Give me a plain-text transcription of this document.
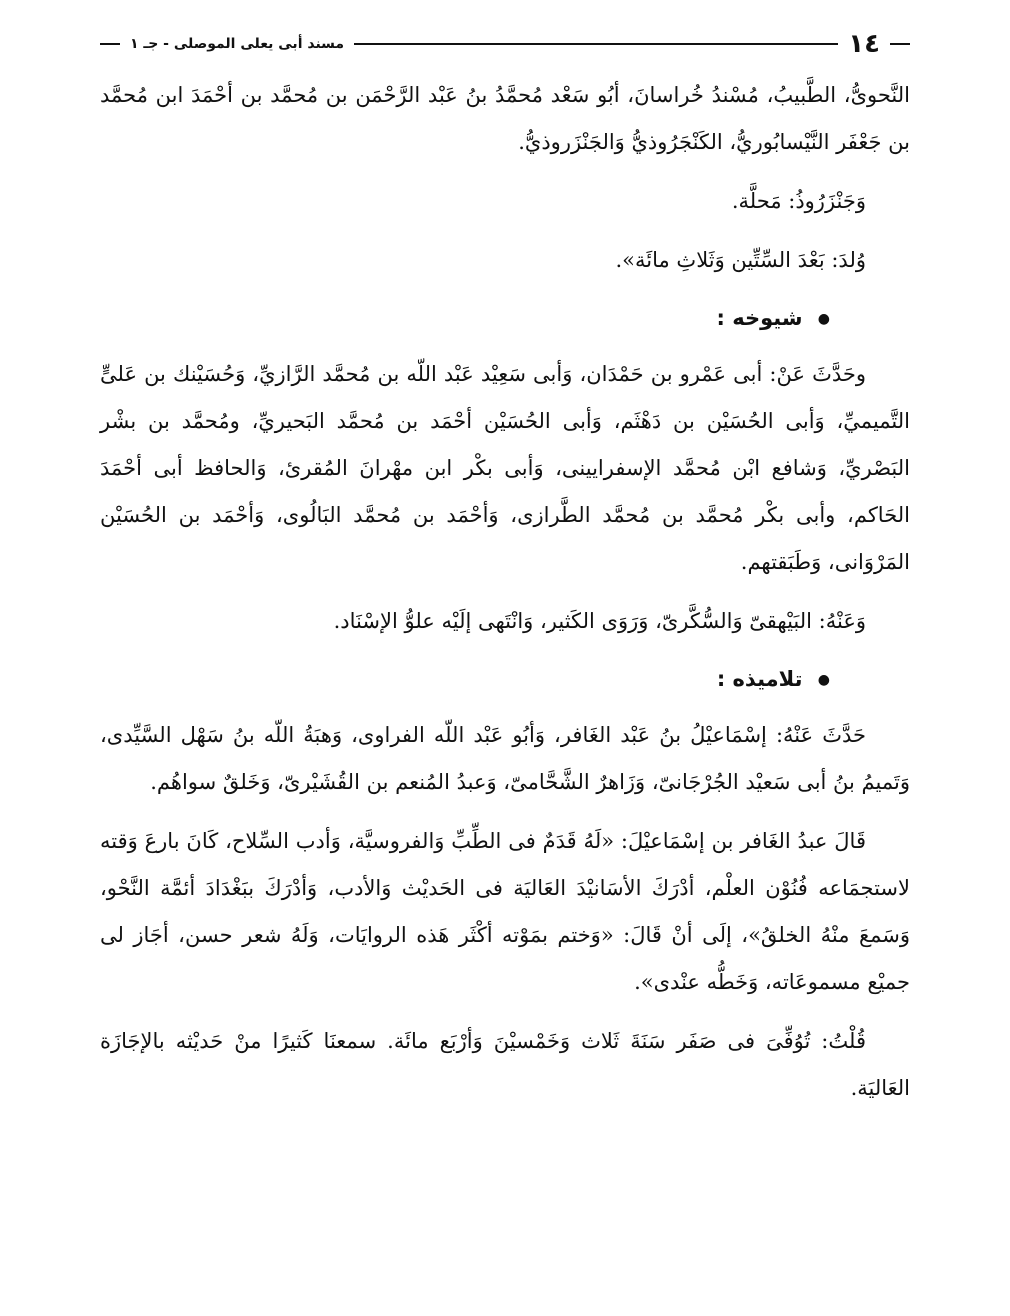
١٤
مسند أبى يعلى الموصلى - جـ ١

النَّحوىُّ، الطَّبيبُ، مُسْندُ خُراسانَ، أبُو سَعْد مُحمَّدُ بنُ عَبْد الرَّحْمَن بن مُحمَّد بن أحْمَدَ ابن مُحمَّد بن جَعْفَر النَّيْسابُوريُّ، الكَنْجَرُوذيُّ وَالجَنْزَروذيُّ.

وَجَنْزَرُوذُ: مَحلَّة.

وُلدَ: بَعْدَ السِّتِّين وَثَلاثِ مائَة».

● شيوخه :

وحَدَّثَ عَنْ: أبى عَمْرو بن حَمْدَان، وَأبى سَعِيْد عَبْد اللّه بن مُحمَّد الرَّازيِّ، وَحُسَيْنك بن عَلىٍّ التَّميميِّ، وَأبى الحُسَيْن بن دَهْثَم، وَأبى الحُسَيْن أحْمَد بن مُحمَّد البَحيريِّ، ومُحمَّد بن بشْر البَصْريِّ، وَشافع ابْن مُحمَّد الإسفرايينى، وَأبى بكْر ابن مهْرانَ المُقرئ، وَالحافظ أبى أحْمَدَ الحَاكم، وأبى بكْر مُحمَّد بن مُحمَّد الطَّرازى، وَأحْمَد بن مُحمَّد البَالُوى، وَأحْمَد بن الحُسَيْن المَرْوَانى، وَطَبَقتهم.

وَعَنْهُ: البَيْهقىّ وَالسُّكَّرىّ، وَرَوَى الكَثير، وَانْتَهى إلَيْه علوُّ الإسْنَاد.

● تلاميذه :

حَدَّثَ عَنْهُ: إسْمَاعيْلُ بنُ عَبْد الغَافر، وَأبُو عَبْد اللّه الفراوى، وَهبَةُ اللّه بنُ سَهْل السَّيِّدى، وَتَميمُ بنُ أبى سَعيْد الجُرْجَانىّ، وَزَاهرٌ الشَّحَّامىّ، وَعبدُ المُنعم بن القُشَيْرىّ، وَخَلقٌ سواهُم.

قَالَ عبدُ الغَافر بن إسْمَاعيْلَ: «لَهُ قَدَمٌ فى الطِّبِّ وَالفروسيَّة، وَأدب السِّلاح، كَانَ بارعَ وَقته لاستجمَاعه فُنُوْن العلْم، أدْرَكَ الأسَانيْدَ العَاليَة فى الحَديْث وَالأدب، وَأدْرَكَ ببَغْدَادَ أئمَّة النَّحْو، وَسَمعَ منْهُ الخلقُ»، إلَى أنْ قَالَ: «وَختم بمَوْته أكْثَر هَذه الروايَات، وَلَهُ شعر حسن، أجَاز لى جميْع مسموعَاته، وَخَطُّه عنْدى».

قُلْتُ: تُوُفِّىَ فى صَفَر سَنَةَ ثَلاث وَخَمْسيْنَ وَأرْبَع مائَة. سمعنَا كَثيرًا منْ حَديْثه بالإجَازَة العَاليَة.
